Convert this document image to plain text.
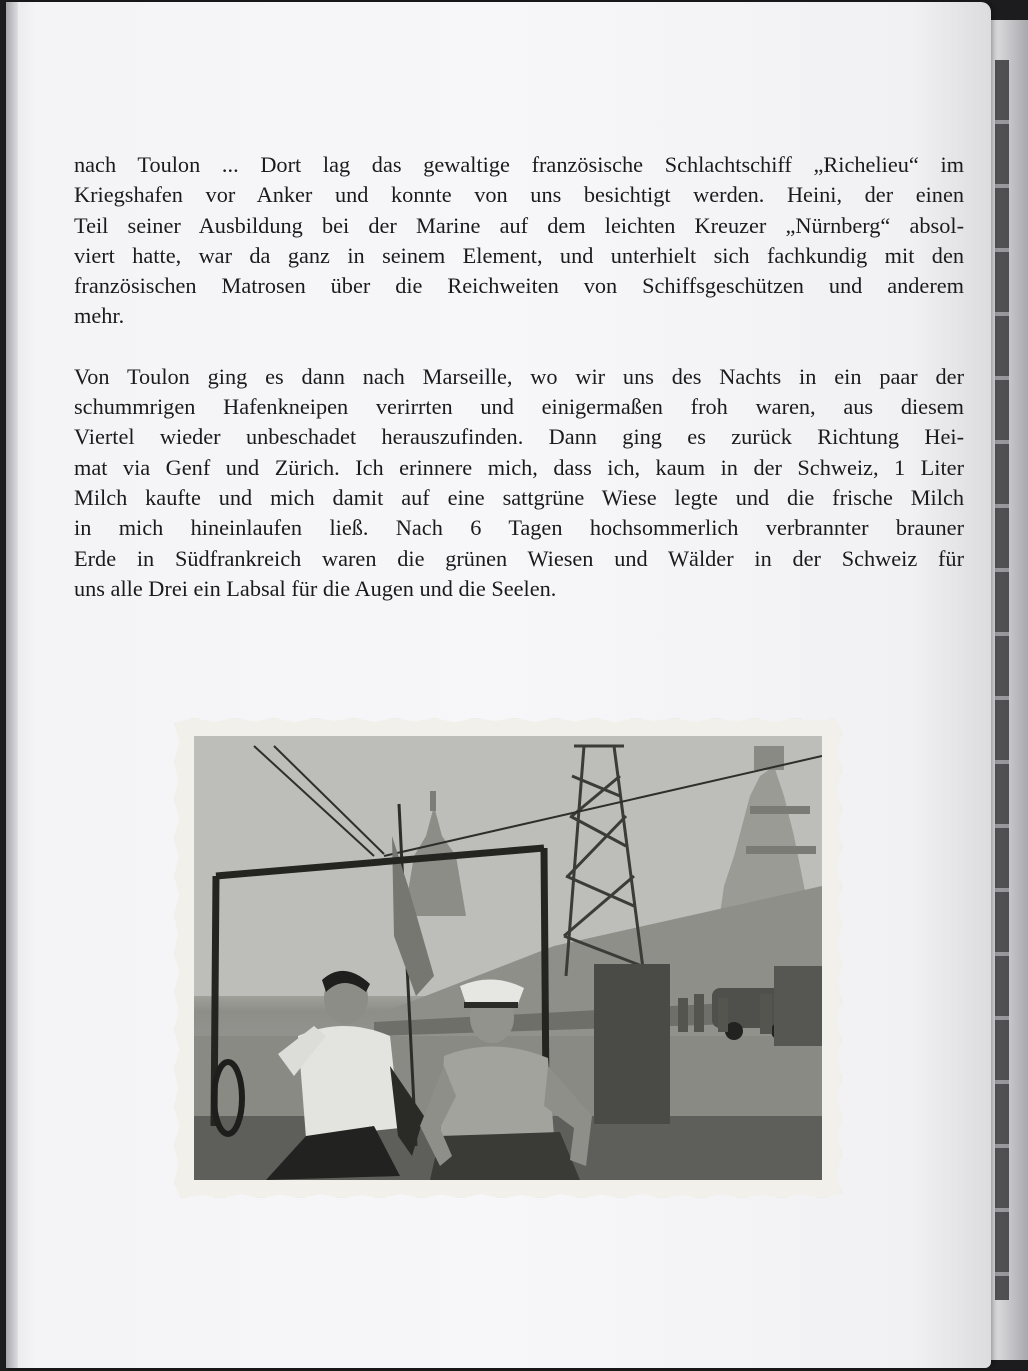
nach Toulon ... Dort lag das gewaltige französische Schlachtschiff „Richelieu“ im
Kriegshafen vor Anker und konnte von uns besichtigt werden. Heini, der einen
Teil seiner Ausbildung bei der Marine auf dem leichten Kreuzer „Nürnberg“ absol-
viert hatte, war da ganz in seinem Element, und unterhielt sich fachkundig mit den
französischen Matrosen über die Reichweiten von Schiffsgeschützen und anderem
mehr.

Von Toulon ging es dann nach Marseille, wo wir uns des Nachts in ein paar der
schummrigen Hafenkneipen verirrten und einigermaßen froh waren, aus diesem
Viertel wieder unbeschadet herauszufinden. Dann ging es zurück Richtung Hei-
mat via Genf und Zürich. Ich erinnere mich, dass ich, kaum in der Schweiz, 1 Liter
Milch kaufte und mich damit auf eine sattgrüne Wiese legte und die frische Milch
in mich hineinlaufen ließ. Nach 6 Tagen hochsommerlich verbrannter brauner
Erde in Südfrankreich waren die grünen Wiesen und Wälder in der Schweiz für
uns alle Drei ein Labsal für die Augen und die Seelen.
